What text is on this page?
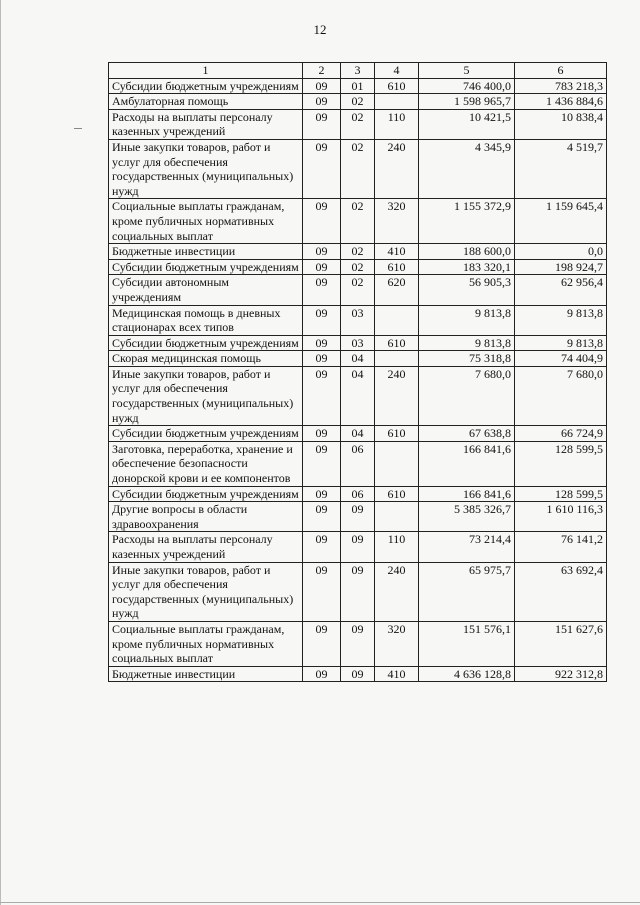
12
1	2	3	4	5	6
Субсидии бюджетным учреждениям	09	01	610	746 400,0	783 218,3
Амбулаторная помощь	09	02		1 598 965,7	1 436 884,6
Расходы на выплаты персоналу казенных учреждений	09	02	110	10 421,5	10 838,4
Иные закупки товаров, работ и услуг для обеспечения государственных (муниципальных) нужд	09	02	240	4 345,9	4 519,7
Социальные выплаты гражданам, кроме публичных нормативных социальных выплат	09	02	320	1 155 372,9	1 159 645,4
Бюджетные инвестиции	09	02	410	188 600,0	0,0
Субсидии бюджетным учреждениям	09	02	610	183 320,1	198 924,7
Субсидии автономным учреждениям	09	02	620	56 905,3	62 956,4
Медицинская помощь в дневных стационарах всех типов	09	03		9 813,8	9 813,8
Субсидии бюджетным учреждениям	09	03	610	9 813,8	9 813,8
Скорая медицинская помощь	09	04		75 318,8	74 404,9
Иные закупки товаров, работ и услуг для обеспечения государственных (муниципальных) нужд	09	04	240	7 680,0	7 680,0
Субсидии бюджетным учреждениям	09	04	610	67 638,8	66 724,9
Заготовка, переработка, хранение и обеспечение безопасности донорской крови и ее компонентов	09	06		166 841,6	128 599,5
Субсидии бюджетным учреждениям	09	06	610	166 841,6	128 599,5
Другие вопросы в области здравоохранения	09	09		5 385 326,7	1 610 116,3
Расходы на выплаты персоналу казенных учреждений	09	09	110	73 214,4	76 141,2
Иные закупки товаров, работ и услуг для обеспечения государственных (муниципальных) нужд	09	09	240	65 975,7	63 692,4
Социальные выплаты гражданам, кроме публичных нормативных социальных выплат	09	09	320	151 576,1	151 627,6
Бюджетные инвестиции	09	09	410	4 636 128,8	922 312,8
